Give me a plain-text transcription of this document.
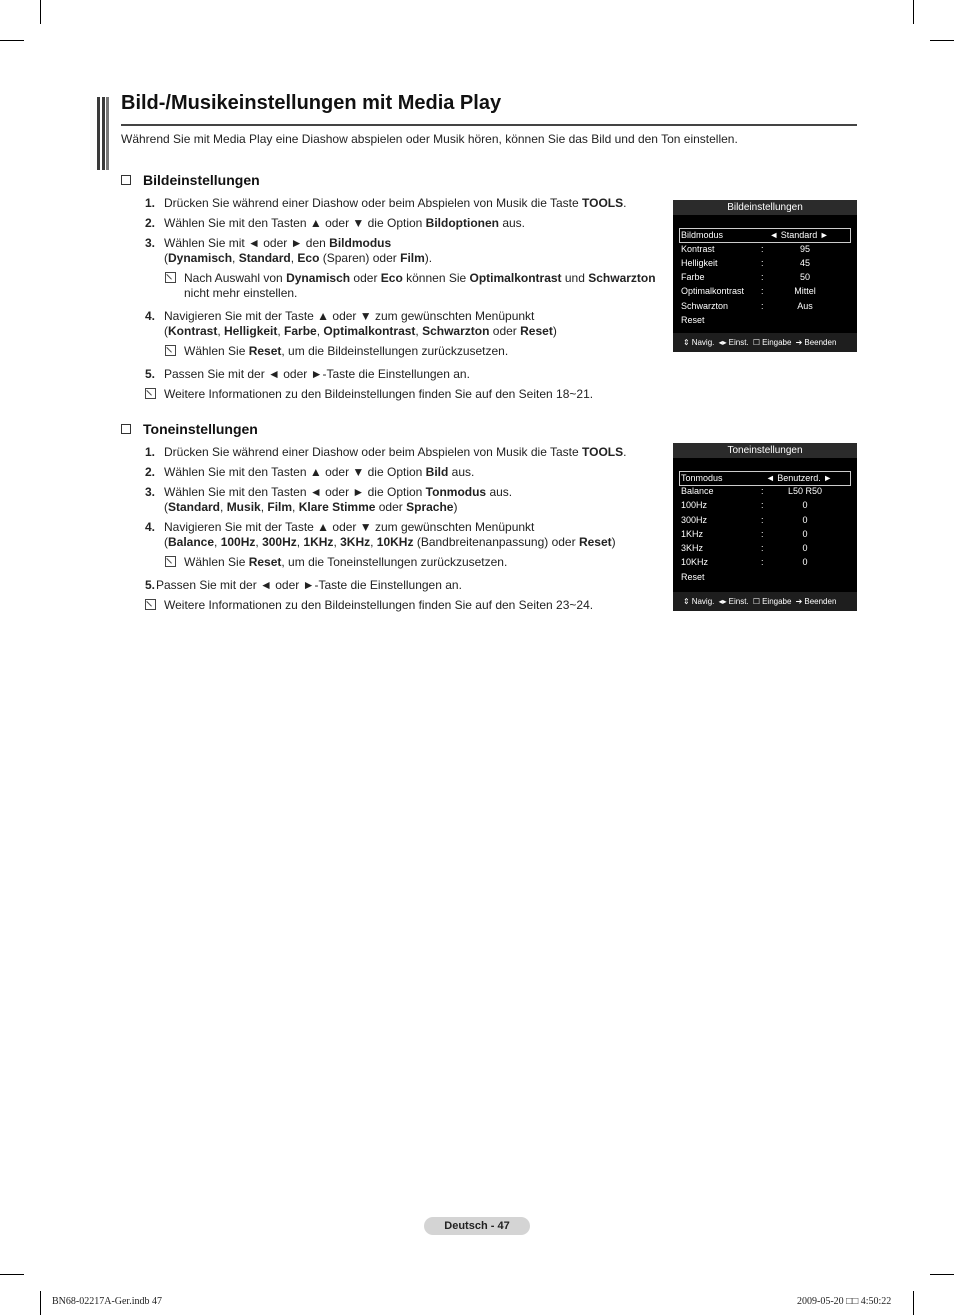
Bild-/Musikeinstellungen mit Media Play
Während Sie mit Media Play eine Diashow abspielen oder Musik hören, können Sie das Bild und den Ton einstellen.
Bildeinstellungen
1. Drücken Sie während einer Diashow oder beim Abspielen von Musik die Taste TOOLS.
2. Wählen Sie mit den Tasten ▲ oder ▼ die Option Bildoptionen aus.
3. Wählen Sie mit ◄ oder ► den Bildmodus
(Dynamisch, Standard, Eco (Sparen) oder Film).
Nach Auswahl von Dynamisch oder Eco können Sie Optimalkontrast und Schwarzton
nicht mehr einstellen.
4. Navigieren Sie mit der Taste ▲ oder ▼ zum gewünschten Menüpunkt
(Kontrast, Helligkeit, Farbe, Optimalkontrast, Schwarzton oder Reset)
Wählen Sie Reset, um die Bildeinstellungen zurückzusetzen.
5. Passen Sie mit der ◄ oder ►-Taste die Einstellungen an.
Weitere Informationen zu den Bildeinstellungen finden Sie auf den Seiten 18~21.
Bildeinstellungen
Bildmodus	◄ Standard ►
Kontrast	:	95
Helligkeit	:	45
Farbe	:	50
Optimalkontrast :	Mittel
Schwarzton	:	Aus
Reset
⇕ Navig. ◂▸ Einst. ☐ Eingabe ➔ Beenden
Toneinstellungen
1. Drücken Sie während einer Diashow oder beim Abspielen von Musik die Taste TOOLS.
2. Wählen Sie mit den Tasten ▲ oder ▼ die Option Bild aus.
3. Wählen Sie mit den Tasten ◄ oder ► die Option Tonmodus aus.
(Standard, Musik, Film, Klare Stimme oder Sprache)
4. Navigieren Sie mit der Taste ▲ oder ▼ zum gewünschten Menüpunkt
(Balance, 100Hz, 300Hz, 1KHz, 3KHz, 10KHz (Bandbreitenanpassung) oder Reset)
Wählen Sie Reset, um die Toneinstellungen zurückzusetzen.
5. Passen Sie mit der ◄ oder ►-Taste die Einstellungen an.
Weitere Informationen zu den Bildeinstellungen finden Sie auf den Seiten 23~24.
Toneinstellungen
Tonmodus	◄ Benutzerd. ►
Balance	:	L50 R50
100Hz	:	0
300Hz	:	0
1KHz	:	0
3KHz	:	0
10KHz	:	0
Reset
⇕ Navig. ◂▸ Einst. ☐ Eingabe ➔ Beenden
Deutsch - 47
BN68-02217A-Ger.indb 47	2009-05-20 □□ 4:50:22
